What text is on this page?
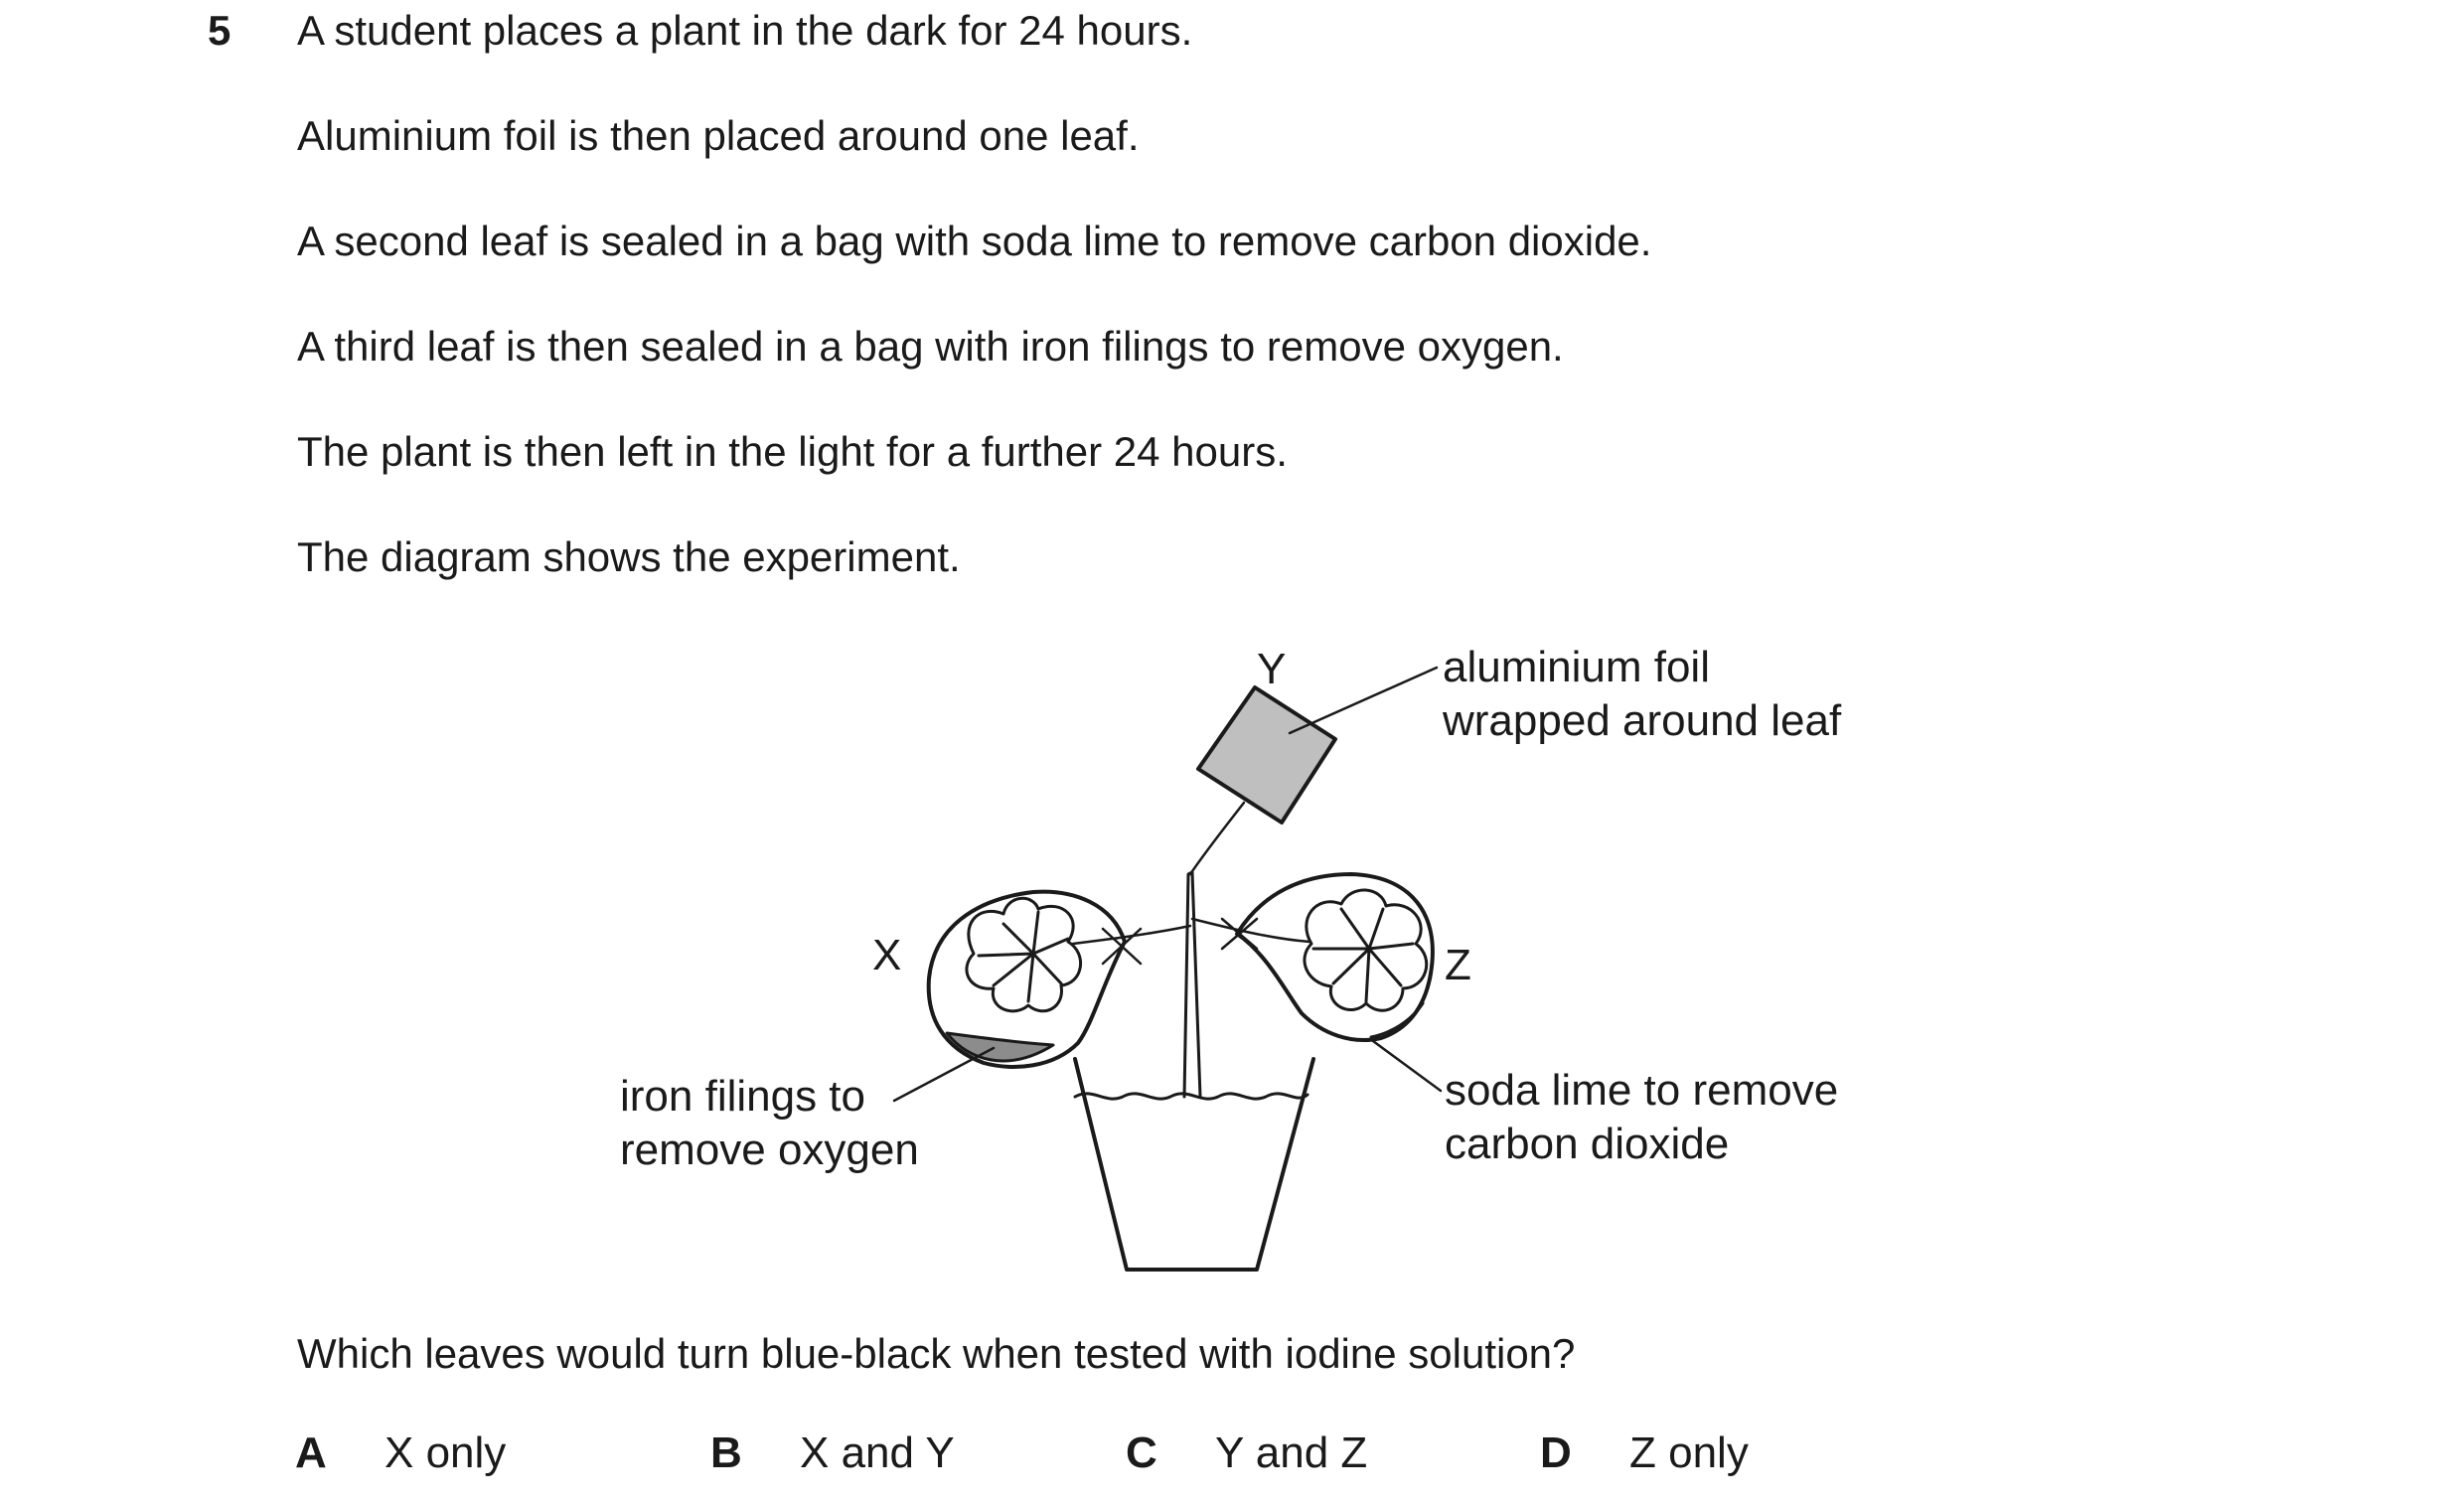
5 A student places a plant in the dark for 24 hours.
Aluminium foil is then placed around one leaf.
A second leaf is sealed in a bag with soda lime to remove carbon dioxide.
A third leaf is then sealed in a bag with iron filings to remove oxygen.
The plant is then left in the light for a further 24 hours.
The diagram shows the experiment.
Y	aluminium foil
wrapped around leaf
X	Z
iron filings to
remove oxygen
soda lime to remove
carbon dioxide
Which leaves would turn blue-black when tested with iodine solution?
A X only	B X and Y	C Y and Z	D Z only
